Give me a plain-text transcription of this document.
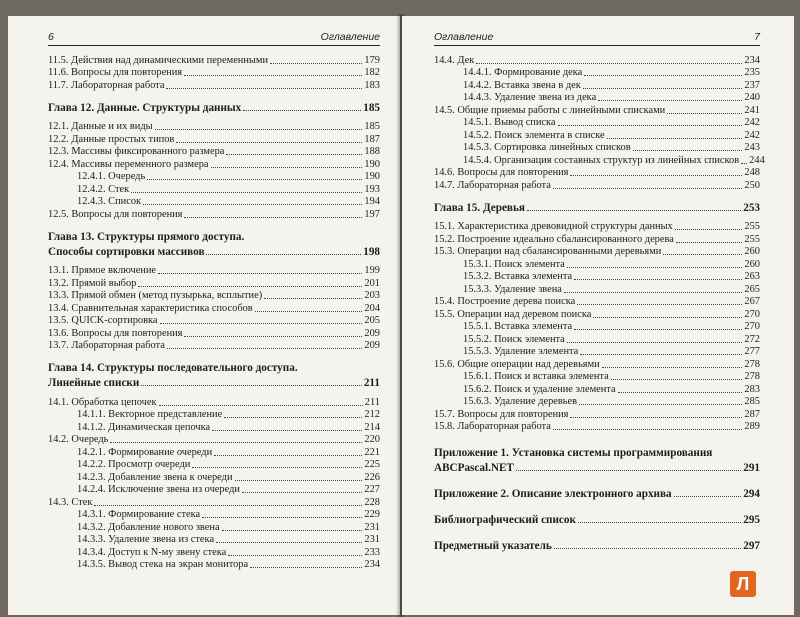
6	Оглавление
11.5. Действия над динамическими переменными	179
11.6. Вопросы для повторения	182
11.7. Лабораторная работа	183
Глава 12. Данные. Структуры данных	185
12.1. Данные и их виды	185
12.2. Данные простых типов	187
12.3. Массивы фиксированного размера	188
12.4. Массивы переменного размера	190
12.4.1. Очередь	190
12.4.2. Стек	193
12.4.3. Список	194
12.5. Вопросы для повторения	197
Глава 13. Структуры прямого доступа.
Способы сортировки массивов	198
13.1. Прямое включение	199
13.2. Прямой выбор	201
13.3. Прямой обмен (метод пузырька, всплытие)	203
13.4. Сравнительная характеристика способов	204
13.5. QUICK-сортировка	205
13.6. Вопросы для повторения	209
13.7. Лабораторная работа	209
Глава 14. Структуры последовательного доступа.
Линейные списки	211
14.1. Обработка цепочек	211
14.1.1. Векторное представление	212
14.1.2. Динамическая цепочка	214
14.2. Очередь	220
14.2.1. Формирование очереди	221
14.2.2. Просмотр очереди	225
14.2.3. Добавление звена к очереди	226
14.2.4. Исключение звена из очереди	227
14.3. Стек	228
14.3.1. Формирование стека	229
14.3.2. Добавление нового звена	231
14.3.3. Удаление звена из стека	231
14.3.4. Доступ к N-му звену стека	233
14.3.5. Вывод стека на экран монитора	234
Оглавление	7
14.4. Дек	234
14.4.1. Формирование дека	235
14.4.2. Вставка звена в дек	237
14.4.3. Удаление звена из дека	240
14.5. Общие приемы работы с линейными списками	241
14.5.1. Вывод списка	242
14.5.2. Поиск элемента в списке	242
14.5.3. Сортировка линейных списков	243
14.5.4. Организация составных структур из линейных списков 244
14.6. Вопросы для повторения	248
14.7. Лабораторная работа	250
Глава 15. Деревья	253
15.1. Характеристика древовидной структуры данных	255
15.2. Построение идеально сбалансированного дерева	255
15.3. Операции над сбалансированными деревьями	260
15.3.1. Поиск элемента	260
15.3.2. Вставка элемента	263
15.3.3. Удаление звена	265
15.4. Построение дерева поиска	267
15.5. Операции над деревом поиска	270
15.5.1. Вставка элемента	270
15.5.2. Поиск элемента	272
15.5.3. Удаление элемента	277
15.6. Общие операции над деревьями	278
15.6.1. Поиск и вставка элемента	278
15.6.2. Поиск и удаление элемента	283
15.6.3. Удаление деревьев	285
15.7. Вопросы для повторения	287
15.8. Лабораторная работа	289
Приложение 1. Установка системы программирования
ABCPascal.NET	291
Приложение 2. Описание электронного архива	294
Библиографический список	295
Предметный указатель	297
Л
